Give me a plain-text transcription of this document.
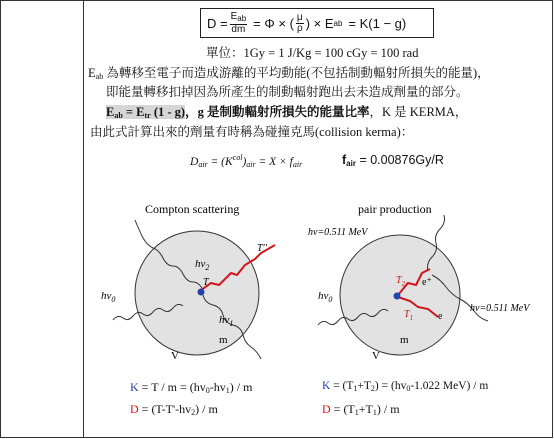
$D = \frac{E_{ab}}{dm} = \Phi$ × ( $\frac{\mu}{\rho}$ ) × E ab = K(1 − g)
單位：1Gy = 1 J/Kg = 100 cGy = 100 rad
$E_{ab}$ 為轉移至電子而造成游離的平均動能(不包括制動輻射所損失的能量)，
即能量轉移扣掉因為所產生的制動輻射跑出去未造成劑量的部分。
$E_{ab} = E_{tr}$ (1 - g)，g 是制動輻射所損失的能量比率，K 是 KERMA，
由此式計算出來的劑量有時稱為碰撞克馬(collision kerma)：
$D_{air} = (K^{col})_{air} = X \times f_{air}$	$f_{air} = 0.00876Gy/R$
Compton scattering
$hv_0$
$hv_2$
$hv_1$
T
T''
m
V
pair production
hv=0.511 MeV
hv=0.511 MeV
$hv_0$
$T_2$
$T_1$
e⁺
e
m
V
$K = T / m = (hv_0-hv_1) / m$
$D = (T-T'-hv_2) / m$
$K = (T_1+T_2) = (hv_0-1.022$ MeV) / m
$D = (T_1+T_1) / m$
